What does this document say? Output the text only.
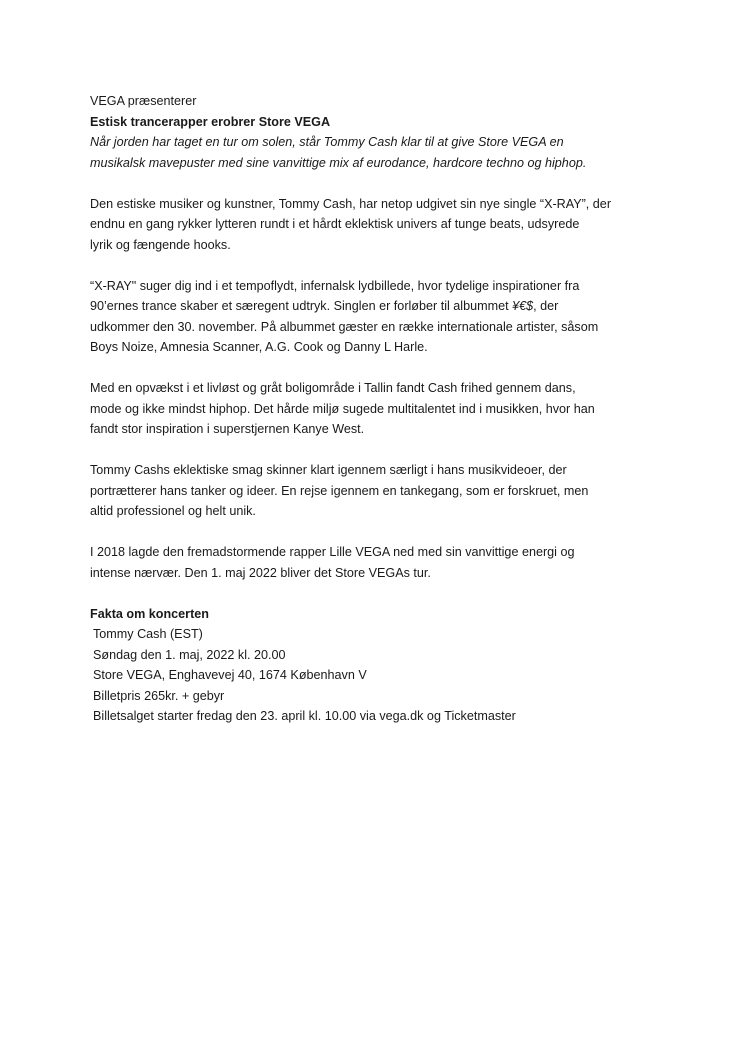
VEGA præsenterer
Estisk trancerapper erobrer Store VEGA
Når jorden har taget en tur om solen, står Tommy Cash klar til at give Store VEGA en
musikalsk mavepuster med sine vanvittige mix af eurodance, hardcore techno og hiphop.
Den estiske musiker og kunstner, Tommy Cash, har netop udgivet sin nye single “X-RAY”, der
endnu en gang rykker lytteren rundt i et hårdt eklektisk univers af tunge beats, udsyrede
lyrik og fængende hooks.
“X-RAY" suger dig ind i et tempoflydt, infernalsk lydbillede, hvor tydelige inspirationer fra
90’ernes trance skaber et særegent udtryk. Singlen er forløber til albummet ¥€$, der
udkommer den 30. november. På albummet gæster en række internationale artister, såsom
Boys Noize, Amnesia Scanner, A.G. Cook og Danny L Harle.
Med en opvækst i et livløst og gråt boligområde i Tallin fandt Cash frihed gennem dans,
mode og ikke mindst hiphop. Det hårde miljø sugede multitalentet ind i musikken, hvor han
fandt stor inspiration i superstjernen Kanye West.
Tommy Cashs eklektiske smag skinner klart igennem særligt i hans musikvideoer, der
portrætterer hans tanker og ideer. En rejse igennem en tankegang, som er forskruet, men
altid professionel og helt unik.
I 2018 lagde den fremadstormende rapper Lille VEGA ned med sin vanvittige energi og
intense nærvær. Den 1. maj 2022 bliver det Store VEGAs tur.
Fakta om koncerten
Tommy Cash (EST)
Søndag den 1. maj, 2022 kl. 20.00
Store VEGA, Enghavevej 40, 1674 København V
Billetpris 265kr. + gebyr
Billetsalget starter fredag den 23. april kl. 10.00 via vega.dk og Ticketmaster
